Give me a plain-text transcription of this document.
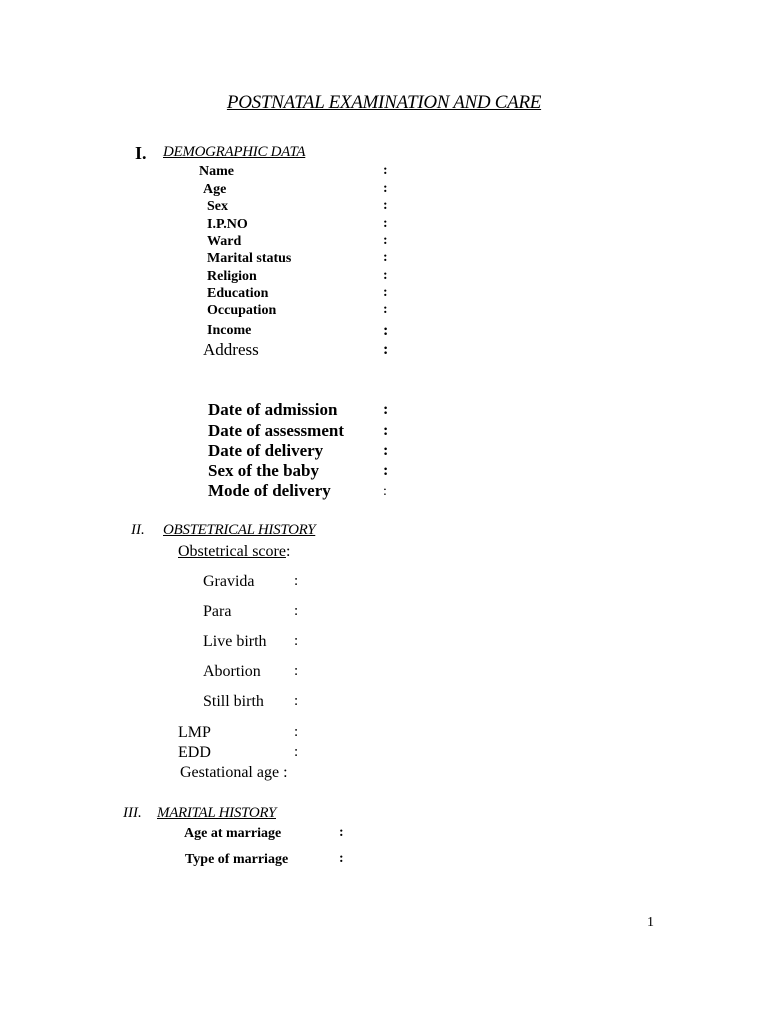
POSTNATAL EXAMINATION AND CARE
I. DEMOGRAPHIC DATA
Name	:
Age	:
Sex	:
I.P.NO	:
Ward	:
Marital status	:
Religion	:
Education	:
Occupation	:
Income	:
Address	:
Date of admission	:
Date of assessment :
Date of delivery	:
Sex of the baby	:
Mode of delivery	:
II. OBSTETRICAL HISTORY
Obstetrical score:
Gravida	:
Para	:
Live birth :
Abortion :
Still birth :
LMP	:
EDD	:
Gestational age :
III. MARITAL HISTORY
Age at marriage	:
Type of marriage	:
1
